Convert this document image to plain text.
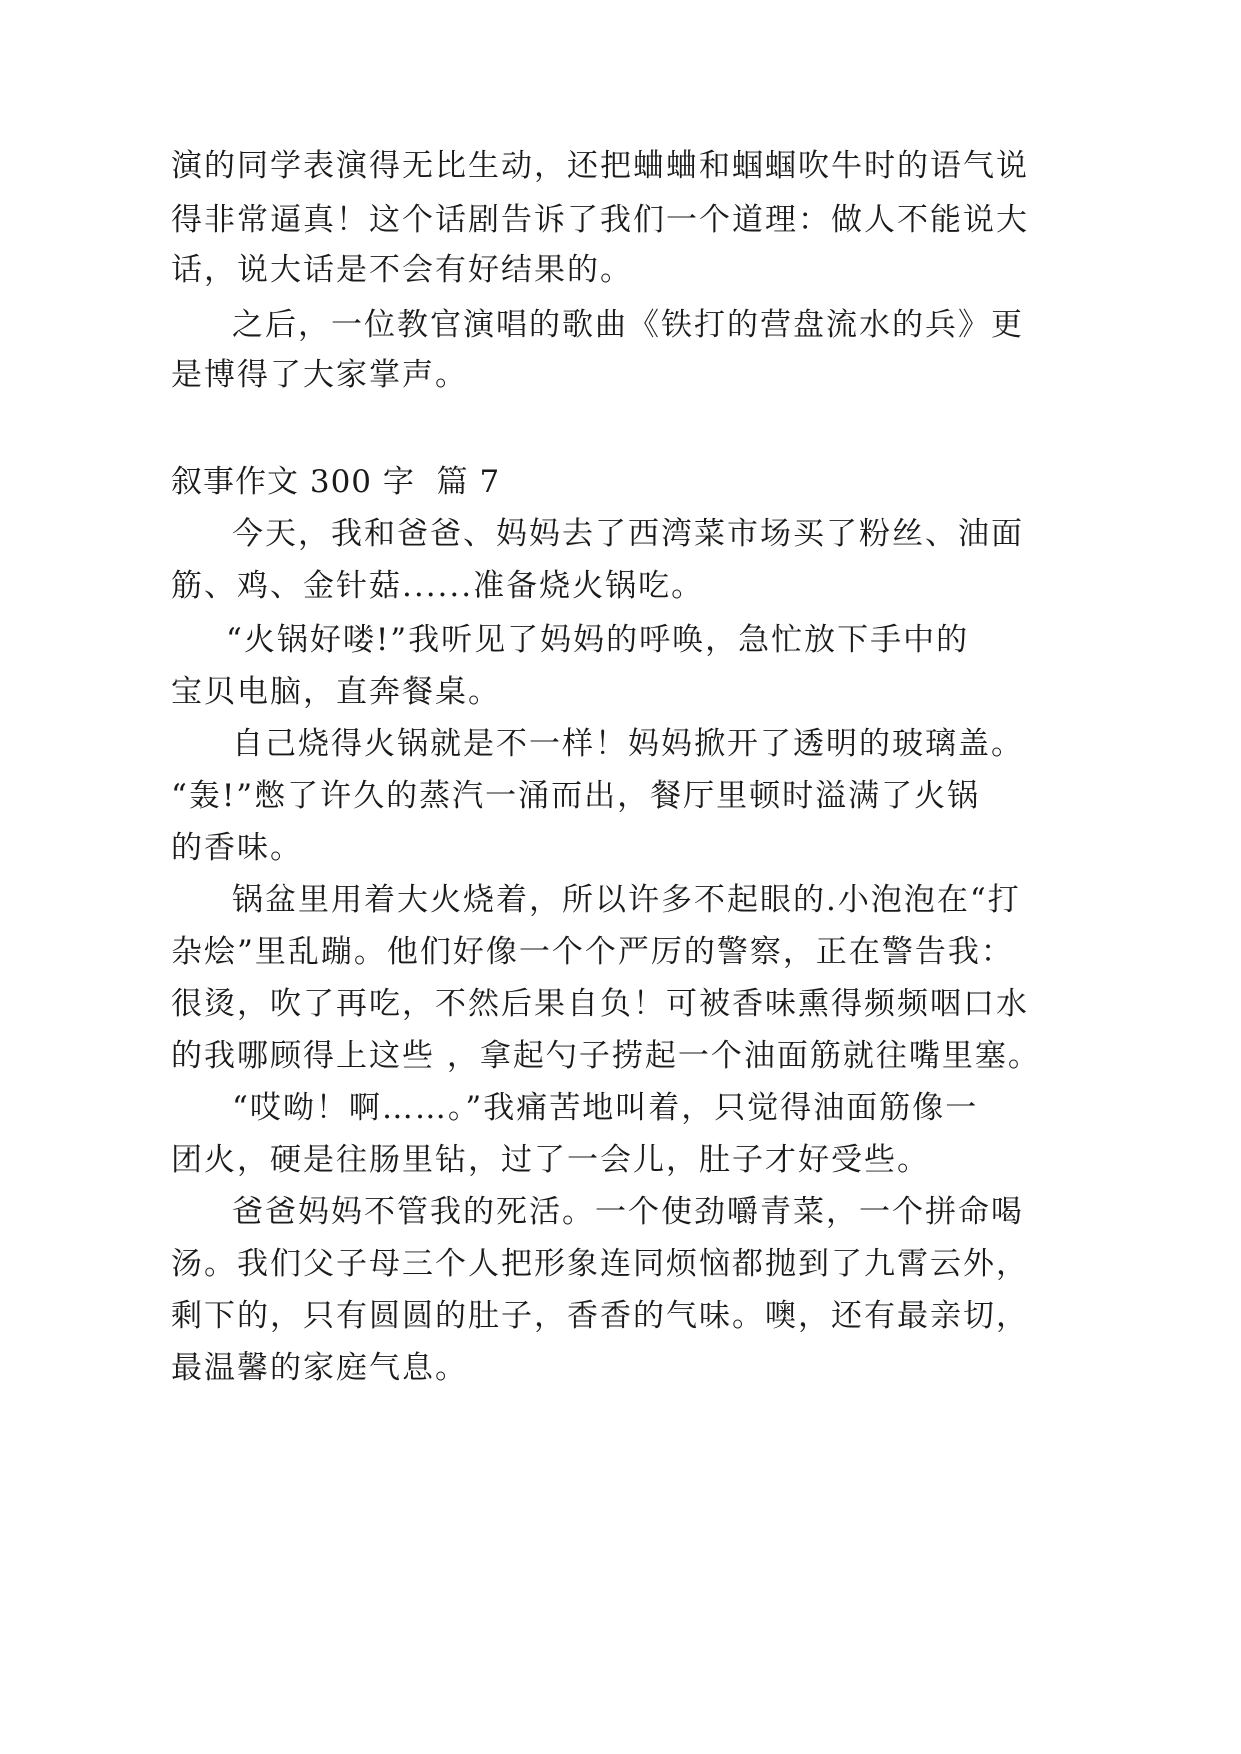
演的同学表演得无比生动，还把蛐蛐和蝈蝈吹牛时的语气说
得非常逼真！这个话剧告诉了我们一个道理：做人不能说大
话，说大话是不会有好结果的。
之后，一位教官演唱的歌曲《铁打的营盘流水的兵》更
是博得了大家掌声。
叙事作文 300 字  篇 7
今天，我和爸爸、妈妈去了西湾菜市场买了粉丝、油面
筋、鸡、金针菇......准备烧火锅吃。
“火锅好喽!”我听见了妈妈的呼唤，急忙放下手中的
宝贝电脑，直奔餐桌。
自己烧得火锅就是不一样！妈妈掀开了透明的玻璃盖。
“轰!”憋了许久的蒸汽一涌而出，餐厅里顿时溢满了火锅
的香味。
锅盆里用着大火烧着，所以许多不起眼的.小泡泡在“打
杂烩”里乱蹦。他们好像一个个严厉的警察，正在警告我：
很烫，吹了再吃，不然后果自负！可被香味熏得频频咽口水
的我哪顾得上这些 ，拿起勺子捞起一个油面筋就往嘴里塞。
“哎呦！啊……。”我痛苦地叫着，只觉得油面筋像一
团火，硬是往肠里钻，过了一会儿，肚子才好受些。
爸爸妈妈不管我的死活。一个使劲嚼青菜，一个拼命喝
汤。我们父子母三个人把形象连同烦恼都抛到了九霄云外，
剩下的，只有圆圆的肚子，香香的气味。噢，还有最亲切，
最温馨的家庭气息。
